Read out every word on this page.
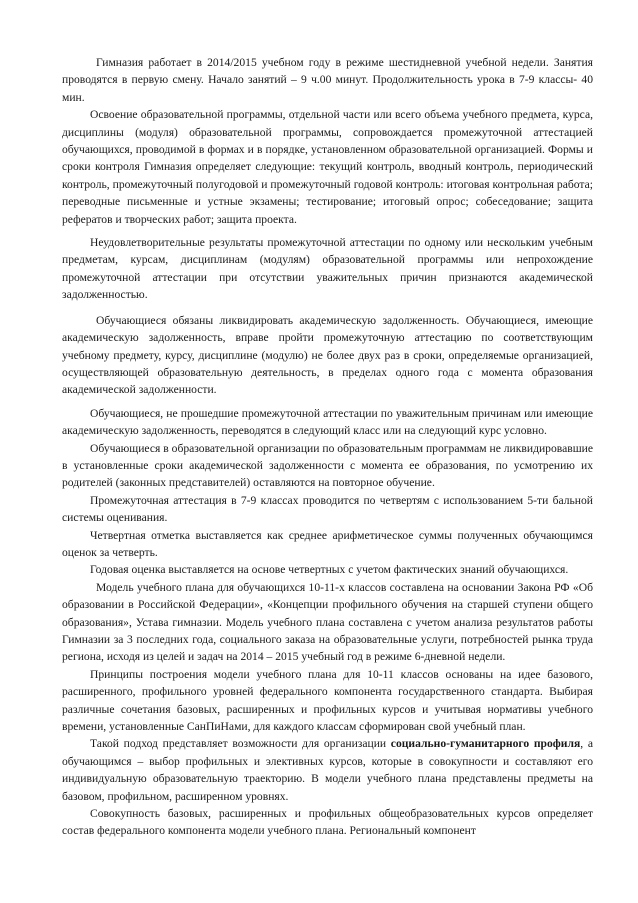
Гимназия работает в 2014/2015 учебном году в режиме шестидневной учебной недели. Занятия проводятся в первую смену. Начало занятий – 9 ч.00 минут. Продолжительность урока в 7-9 классы- 40 мин.

Освоение образовательной программы, отдельной части или всего объема учебного предмета, курса, дисциплины (модуля) образовательной программы, сопровождается промежуточной аттестацией обучающихся, проводимой в формах и в порядке, установленном образовательной организацией. Формы и сроки контроля Гимназия определяет следующие: текущий контроль, вводный контроль, периодический контроль, промежуточный полугодовой и промежуточный годовой контроль: итоговая контрольная работа; переводные письменные и устные экзамены; тестирование; итоговый опрос; собеседование; защита рефератов и творческих работ; защита проекта.

Неудовлетворительные результаты промежуточной аттестации по одному или нескольким учебным предметам, курсам, дисциплинам (модулям) образовательной программы или непрохождение промежуточной аттестации при отсутствии уважительных причин признаются академической задолженностью.

Обучающиеся обязаны ликвидировать академическую задолженность. Обучающиеся, имеющие академическую задолженность, вправе пройти промежуточную аттестацию по соответствующим учебному предмету, курсу, дисциплине (модулю) не более двух раз в сроки, определяемые организацией, осуществляющей образовательную деятельность, в пределах одного года с момента образования академической задолженности.

Обучающиеся, не прошедшие промежуточной аттестации по уважительным причинам или имеющие академическую задолженность, переводятся в следующий класс или на следующий курс условно.

Обучающиеся в образовательной организации по образовательным программам не ликвидировавшие в установленные сроки академической задолженности с момента ее образования, по усмотрению их родителей (законных представителей) оставляются на повторное обучение.

Промежуточная аттестация в 7-9 классах проводится по четвертям с использованием 5-ти бальной системы оценивания.

Четвертная отметка выставляется как среднее арифметическое суммы полученных обучающимся оценок за четверть.

Годовая оценка выставляется на основе четвертных с учетом фактических знаний обучающихся.

Модель учебного плана для обучающихся 10-11-х классов составлена на основании Закона РФ «Об образовании в Российской Федерации», «Концепции профильного обучения на старшей ступени общего образования», Устава гимназии. Модель учебного плана составлена с учетом анализа результатов работы Гимназии за 3 последних года, социального заказа на образовательные услуги, потребностей рынка труда региона, исходя из целей и задач на 2014 – 2015 учебный год в режиме 6-дневной недели.

Принципы построения модели учебного плана для 10-11 классов основаны на идее базового, расширенного, профильного уровней федерального компонента государственного стандарта. Выбирая различные сочетания базовых, расширенных и профильных курсов и учитывая нормативы учебного времени, установленные СанПиНами, для каждого классам сформирован свой учебный план.

Такой подход представляет возможности для организации социально-гуманитарного профиля, а обучающимся – выбор профильных и элективных курсов, которые в совокупности и составляют его индивидуальную образовательную траекторию. В модели учебного плана представлены предметы на базовом, профильном, расширенном уровнях.

Совокупность базовых, расширенных и профильных общеобразовательных курсов определяет состав федерального компонента модели учебного плана. Региональный компонент
